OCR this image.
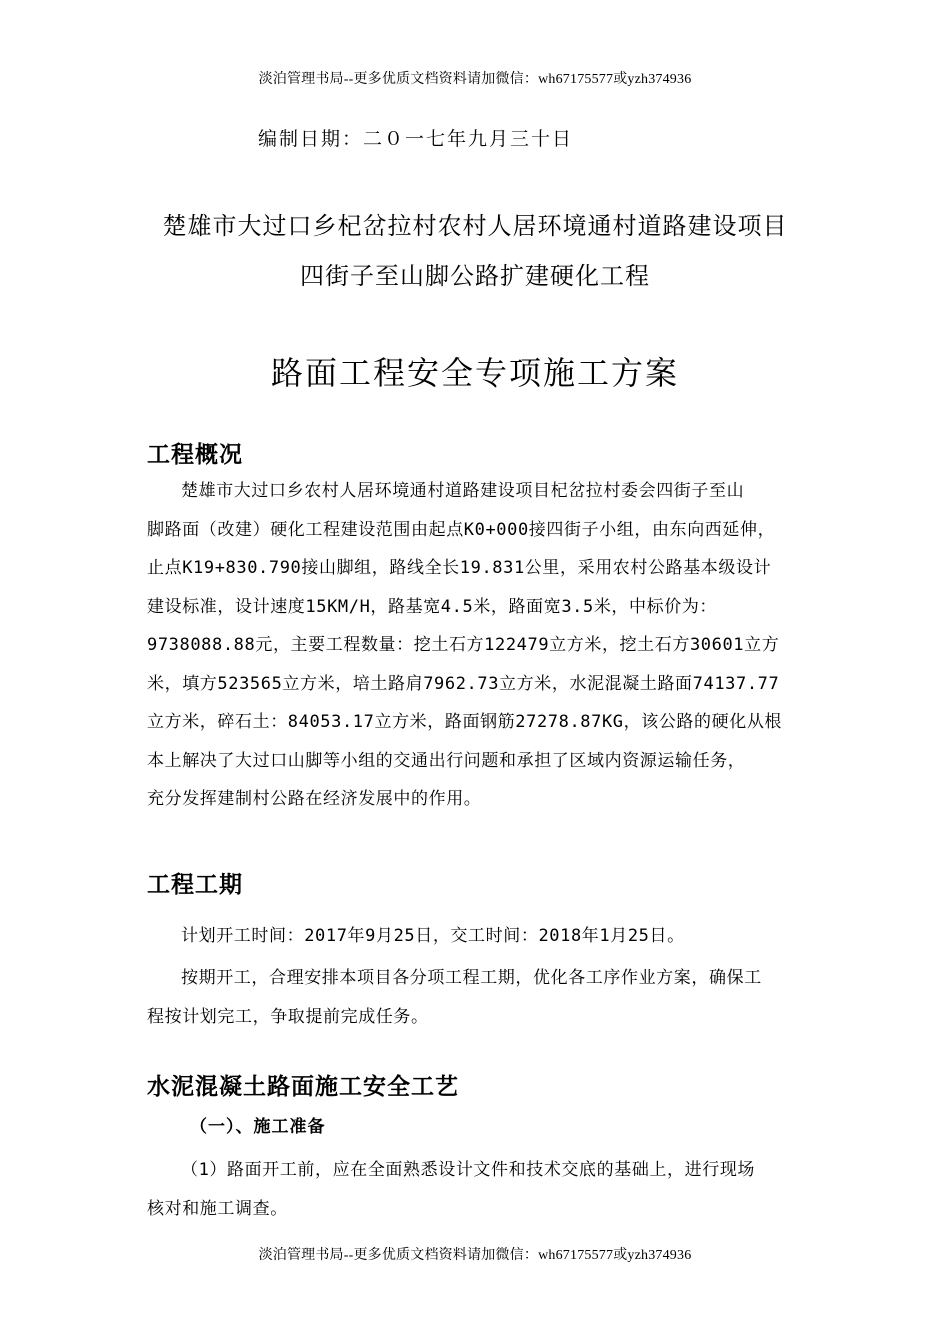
淡泊管理书局--更多优质文档资料请加微信：wh67175577或yzh374936
编制日期：二０一七年九月三十日
楚雄市大过口乡杞岔拉村农村人居环境通村道路建设项目
四街子至山脚公路扩建硬化工程
路面工程安全专项施工方案
工程概况
楚雄市大过口乡农村人居环境通村道路建设项目杞岔拉村委会四街子至山
脚路面（改建）硬化工程建设范围由起点K0+000接四街子小组，由东向西延伸，
止点K19+830.790接山脚组，路线全长19.831公里，采用农村公路基本级设计
建设标准，设计速度15KM/H，路基宽4.5米，路面宽3.5米，中标价为：
9738088.88元，主要工程数量：挖土石方122479立方米，挖土石方30601立方
米，填方523565立方米，培土路肩7962.73立方米，水泥混凝土路面74137.77
立方米，碎石土：84053.17立方米，路面钢筋27278.87KG，该公路的硬化从根
本上解决了大过口山脚等小组的交通出行问题和承担了区域内资源运输任务，
充分发挥建制村公路在经济发展中的作用。
工程工期
计划开工时间：2017年9月25日，交工时间：2018年1月25日。
按期开工，合理安排本项目各分项工程工期，优化各工序作业方案，确保工
程按计划完工，争取提前完成任务。
水泥混凝土路面施工安全工艺
（一）、施工准备
（1）路面开工前，应在全面熟悉设计文件和技术交底的基础上，进行现场
核对和施工调查。
淡泊管理书局--更多优质文档资料请加微信：wh67175577或yzh374936
